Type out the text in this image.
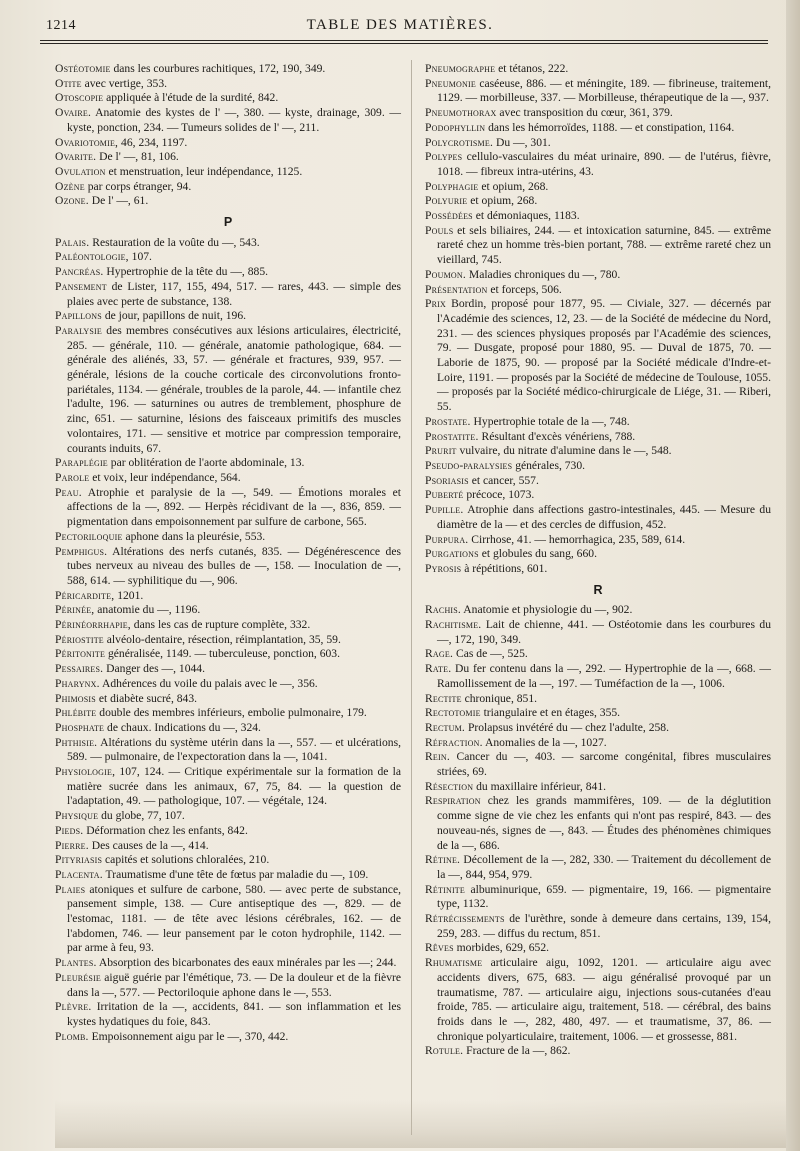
1214	TABLE DES MATIÈRES.

Ostéotomie dans les courbures rachitiques, 172, 190, 349.

Otite avec vertige, 353.

Otoscopie appliquée à l'étude de la surdité, 842.

Ovaire. Anatomie des kystes de l' —, 380. — kyste, drainage, 309. — kyste, ponction, 234. — Tumeurs solides de l' —, 211.

Ovariotomie, 46, 234, 1197.

Ovarite. De l' —, 81, 106.

Ovulation et menstruation, leur indépendance, 1125.

Ozène par corps étranger, 94.

Ozone. De l' —, 61.

P

Palais. Restauration de la voûte du —, 543.

Paléontologie, 107.

Pancréas. Hypertrophie de la tête du —, 885.

Pansement de Lister, 117, 155, 494, 517. — rares, 443. — simple des plaies avec perte de substance, 138.

Papillons de jour, papillons de nuit, 196.

Paralysie des membres consécutives aux lésions articulaires, électricité, 285. — générale, 110. — générale, anatomie pathologique, 684. — générale des aliénés, 33, 57. — générale et fractures, 939, 957. — générale, lésions de la couche corticale des circonvolutions fronto-pariétales, 1134. — générale, troubles de la parole, 44. — infantile chez l'adulte, 196. — saturnines ou autres de tremblement, phosphure de zinc, 651. — saturnine, lésions des faisceaux primitifs des muscles volontaires, 171. — sensitive et motrice par compression temporaire, courants induits, 67.

Paraplégie par oblitération de l'aorte abdominale, 13.

Parole et voix, leur indépendance, 564.

Peau. Atrophie et paralysie de la —, 549. — Émotions morales et affections de la —, 892. — Herpès récidivant de la —, 836, 859. — pigmentation dans empoisonnement par sulfure de carbone, 565.

Pectoriloquie aphone dans la pleurésie, 553.

Pemphigus. Altérations des nerfs cutanés, 835. — Dégénérescence des tubes nerveux au niveau des bulles de —, 158. — Inoculation de —, 588, 614. — syphilitique du —, 906.

Péricardite, 1201.

Périnée, anatomie du —, 1196.

Périnéorrhapie, dans les cas de rupture complète, 332.

Périostite alvéolo-dentaire, résection, réimplantation, 35, 59.

Péritonite généralisée, 1149. — tuberculeuse, ponction, 603.

Pessaires. Danger des —, 1044.

Pharynx. Adhérences du voile du palais avec le —, 356.

Phimosis et diabète sucré, 843.

Phlébite double des membres inférieurs, embolie pulmonaire, 179.

Phosphate de chaux. Indications du —, 324.

Phthisie. Altérations du système utérin dans la —, 557. — et ulcérations, 589. — pulmonaire, de l'expectoration dans la —, 1041.

Physiologie, 107, 124. — Critique expérimentale sur la formation de la matière sucrée dans les animaux, 67, 75, 84. — la question de l'adaptation, 49. — pathologique, 107. — végétale, 124.

Physique du globe, 77, 107.

Pieds. Déformation chez les enfants, 842.

Pierre. Des causes de la —, 414.

Pityriasis capités et solutions chloralées, 210.

Placenta. Traumatisme d'une tête de fœtus par maladie du —, 109.

Plaies atoniques et sulfure de carbone, 580. — avec perte de substance, pansement simple, 138. — Cure antiseptique des —, 829. — de l'estomac, 1181. — de tête avec lésions cérébrales, 162. — de l'abdomen, 746. — leur pansement par le coton hydrophile, 1142. — par arme à feu, 93.

Plantes. Absorption des bicarbonates des eaux minérales par les —; 244.

Pleurésie aiguë guérie par l'émétique, 73. — De la douleur et de la fièvre dans la —, 577. — Pectoriloquie aphone dans le —, 553.

Plèvre. Irritation de la —, accidents, 841. — son inflammation et les kystes hydatiques du foie, 843.

Plomb. Empoisonnement aigu par le —, 370, 442.

Pneumographe et tétanos, 222.

Pneumonie caséeuse, 886. — et méningite, 189. — fibrineuse, traitement, 1129. — morbilleuse, 337. — Morbilleuse, thérapeutique de la —, 937.

Pneumothorax avec transposition du cœur, 361, 379.

Podophyllin dans les hémorroïdes, 1188. — et constipation, 1164.

Polycrotisme. Du —, 301.

Polypes cellulo-vasculaires du méat urinaire, 890. — de l'utérus, fièvre, 1018. — fibreux intra-utérins, 43.

Polyphagie et opium, 268.

Polyurie et opium, 268.

Possédées et démoniaques, 1183.

Pouls et sels biliaires, 244. — et intoxication saturnine, 845. — extrême rareté chez un homme très-bien portant, 788. — extrême rareté chez un vieillard, 745.

Poumon. Maladies chroniques du —, 780.

Présentation et forceps, 506.

Prix Bordin, proposé pour 1877, 95. — Civiale, 327. — décernés par l'Académie des sciences, 12, 23. — de la Société de médecine du Nord, 231. — des sciences physiques proposés par l'Académie des sciences, 79. — Dusgate, proposé pour 1880, 95. — Duval de 1875, 70. — Laborie de 1875, 90. — proposé par la Société médicale d'Indre-et-Loire, 1191. — proposés par la Société de médecine de Toulouse, 1055. — proposés par la Société médico-chirurgicale de Liége, 31. — Riberi, 55.

Prostate. Hypertrophie totale de la —, 748.

Prostatite. Résultant d'excès vénériens, 788.

Prurit vulvaire, du nitrate d'alumine dans le —, 548.

Pseudo-paralysies générales, 730.

Psoriasis et cancer, 557.

Puberté précoce, 1073.

Pupille. Atrophie dans affections gastro-intestinales, 445. — Mesure du diamètre de la — et des cercles de diffusion, 452.

Purpura. Cirrhose, 41. — hemorrhagica, 235, 589, 614.

Purgations et globules du sang, 660.

Pyrosis à répétitions, 601.

R

Rachis. Anatomie et physiologie du —, 902.

Rachitisme. Lait de chienne, 441. — Ostéotomie dans les courbures du —, 172, 190, 349.

Rage. Cas de —, 525.

Rate. Du fer contenu dans la —, 292. — Hypertrophie de la —, 668. — Ramollissement de la —, 197. — Tuméfaction de la —, 1006.

Rectite chronique, 851.

Rectotomie triangulaire et en étages, 355.

Rectum. Prolapsus invétéré du — chez l'adulte, 258.

Réfraction. Anomalies de la —, 1027.

Rein. Cancer du —, 403. — sarcome congénital, fibres musculaires striées, 69.

Résection du maxillaire inférieur, 841.

Respiration chez les grands mammifères, 109. — de la déglutition comme signe de vie chez les enfants qui n'ont pas respiré, 843. — des nouveau-nés, signes de —, 843. — Études des phénomènes chimiques de la —, 686.

Rétine. Décollement de la —, 282, 330. — Traitement du décollement de la —, 844, 954, 979.

Rétinite albuminurique, 659. — pigmentaire, 19, 166. — pigmentaire type, 1132.

Rétrécissements de l'urèthre, sonde à demeure dans certains, 139, 154, 259, 283. — diffus du rectum, 851.

Rêves morbides, 629, 652.

Rhumatisme articulaire aigu, 1092, 1201. — articulaire aigu avec accidents divers, 675, 683. — aigu généralisé provoqué par un traumatisme, 787. — articulaire aigu, injections sous-cutanées d'eau froide, 785. — articulaire aigu, traitement, 518. — cérébral, des bains froids dans le —, 282, 480, 497. — et traumatisme, 37, 86. — chronique polyarticulaire, traitement, 1006. — et grossesse, 881.

Rotule. Fracture de la —, 862.
